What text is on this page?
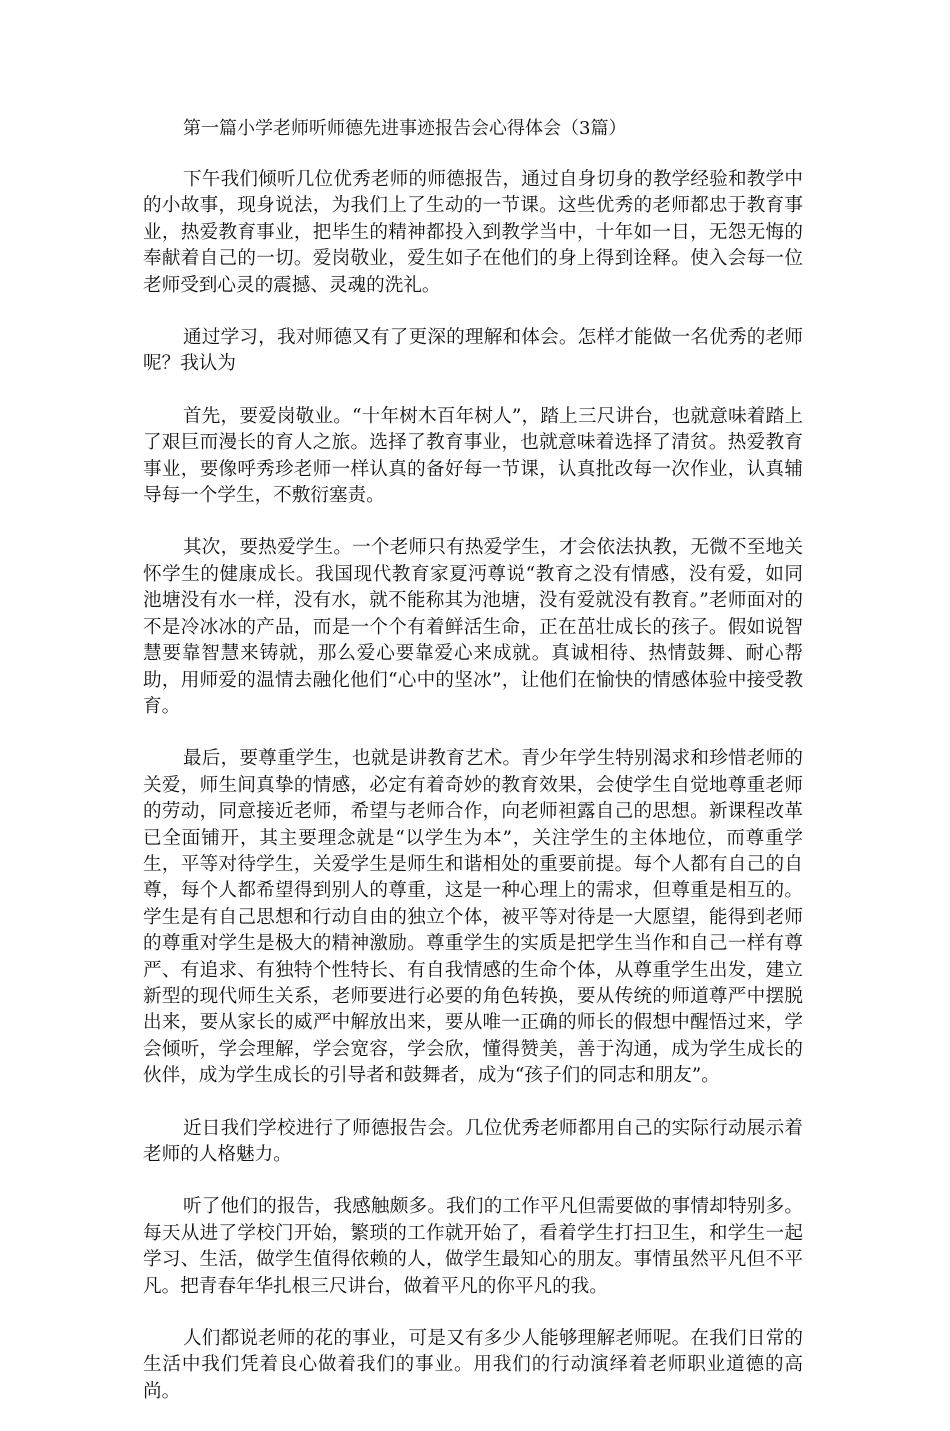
第一篇小学老师听师德先进事迹报告会心得体会（3篇）

下午我们倾听几位优秀老师的师德报告，通过自身切身的教学经验和教学中的小故事，现身说法，为我们上了生动的一节课。这些优秀的老师都忠于教育事业，热爱教育事业，把毕生的精神都投入到教学当中，十年如一日，无怨无悔的奉献着自己的一切。爱岗敬业，爱生如子在他们的身上得到诠释。使入会每一位老师受到心灵的震撼、灵魂的洗礼。

通过学习，我对师德又有了更深的理解和体会。怎样才能做一名优秀的老师呢？我认为

首先，要爱岗敬业。“十年树木百年树人”，踏上三尺讲台，也就意味着踏上了艰巨而漫长的育人之旅。选择了教育事业，也就意味着选择了清贫。热爱教育事业，要像呼秀珍老师一样认真的备好每一节课，认真批改每一次作业，认真辅导每一个学生，不敷衍塞责。

其次，要热爱学生。一个老师只有热爱学生，才会依法执教，无微不至地关怀学生的健康成长。我国现代教育家夏沔尊说“教育之没有情感，没有爱，如同池塘没有水一样，没有水，就不能称其为池塘，没有爱就没有教育。”老师面对的不是冷冰冰的产品，而是一个个有着鲜活生命，正在茁壮成长的孩子。假如说智慧要靠智慧来铸就，那么爱心要靠爱心来成就。真诚相待、热情鼓舞、耐心帮助，用师爱的温情去融化他们“心中的坚冰”，让他们在愉快的情感体验中接受教育。

最后，要尊重学生，也就是讲教育艺术。青少年学生特别渴求和珍惜老师的关爱，师生间真挚的情感，必定有着奇妙的教育效果，会使学生自觉地尊重老师的劳动，同意接近老师，希望与老师合作，向老师袒露自己的思想。新课程改革已全面铺开，其主要理念就是“以学生为本”，关注学生的主体地位，而尊重学生，平等对待学生，关爱学生是师生和谐相处的重要前提。每个人都有自己的自尊，每个人都希望得到别人的尊重，这是一种心理上的需求，但尊重是相互的。学生是有自己思想和行动自由的独立个体，被平等对待是一大愿望，能得到老师的尊重对学生是极大的精神激励。尊重学生的实质是把学生当作和自己一样有尊严、有追求、有独特个性特长、有自我情感的生命个体，从尊重学生出发，建立新型的现代师生关系，老师要进行必要的角色转换，要从传统的师道尊严中摆脱出来，要从家长的威严中解放出来，要从唯一正确的师长的假想中醒悟过来，学会倾听，学会理解，学会宽容，学会欣，懂得赞美，善于沟通，成为学生成长的伙伴，成为学生成长的引导者和鼓舞者，成为“孩子们的同志和朋友”。

近日我们学校进行了师德报告会。几位优秀老师都用自己的实际行动展示着老师的人格魅力。

听了他们的报告，我感触颇多。我们的工作平凡但需要做的事情却特别多。每天从进了学校门开始，繁琐的工作就开始了，看着学生打扫卫生，和学生一起学习、生活，做学生值得依赖的人，做学生最知心的朋友。事情虽然平凡但不平凡。把青春年华扎根三尺讲台，做着平凡的你平凡的我。

人们都说老师的花的事业，可是又有多少人能够理解老师呢。在我们日常的生活中我们凭着良心做着我们的事业。用我们的行动演绎着老师职业道德的高尚。
